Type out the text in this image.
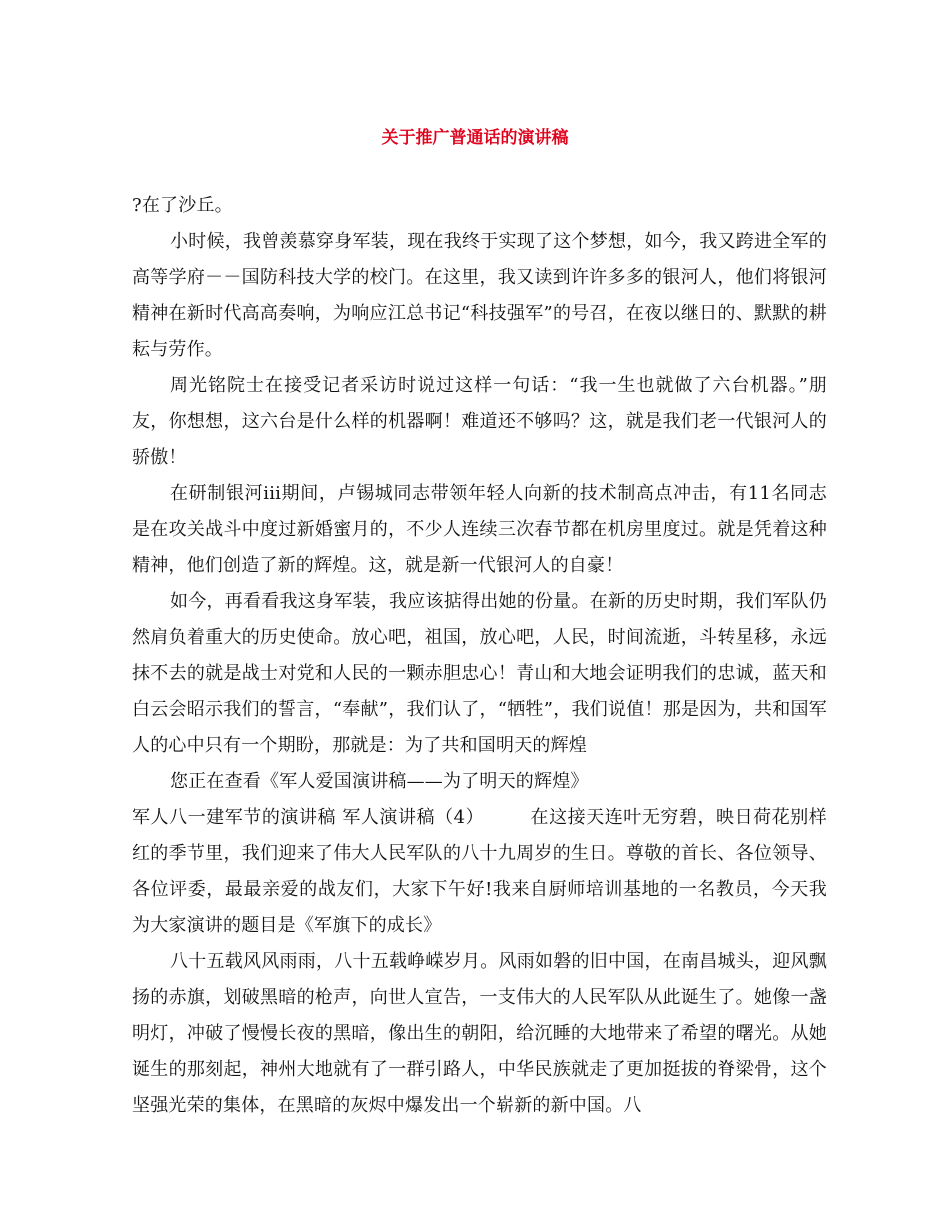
关于推广普通话的演讲稿

?在了沙丘。

小时候，我曾羡慕穿身军装，现在我终于实现了这个梦想，如今，我又跨进全军的高等学府－－国防科技大学的校门。在这里，我又读到许许多多的银河人，他们将银河精神在新时代高高奏响，为响应江总书记“科技强军”的号召，在夜以继日的、默默的耕耘与劳作。

周光铭院士在接受记者采访时说过这样一句话：“我一生也就做了六台机器。”朋友，你想想，这六台是什么样的机器啊！难道还不够吗？这，就是我们老一代银河人的骄傲！

在研制银河iii期间，卢锡城同志带领年轻人向新的技术制高点冲击，有11名同志是在攻关战斗中度过新婚蜜月的，不少人连续三次春节都在机房里度过。就是凭着这种精神，他们创造了新的辉煌。这，就是新一代银河人的自豪！

如今，再看看我这身军装，我应该掂得出她的份量。在新的历史时期，我们军队仍然肩负着重大的历史使命。放心吧，祖国，放心吧，人民，时间流逝，斗转星移，永远抹不去的就是战士对党和人民的一颗赤胆忠心！青山和大地会证明我们的忠诚，蓝天和白云会昭示我们的誓言，“奉献”，我们认了，“牺牲”，我们说值！那是因为，共和国军人的心中只有一个期盼，那就是：为了共和国明天的辉煌

您正在查看《军人爱国演讲稿——为了明天的辉煌》

军人八一建军节的演讲稿 军人演讲稿（4）	在这接天连叶无穷碧，映日荷花别样红的季节里，我们迎来了伟大人民军队的八十九周岁的生日。尊敬的首长、各位领导、各位评委，最最亲爱的战友们，大家下午好!我来自厨师培训基地的一名教员，今天我为大家演讲的题目是《军旗下的成长》

八十五载风风雨雨，八十五载峥嵘岁月。风雨如磐的旧中国，在南昌城头，迎风飘扬的赤旗，划破黑暗的枪声，向世人宣告，一支伟大的人民军队从此诞生了。她像一盏明灯，冲破了慢慢长夜的黑暗，像出生的朝阳，给沉睡的大地带来了希望的曙光。从她诞生的那刻起，神州大地就有了一群引路人，中华民族就走了更加挺拔的脊梁骨，这个坚强光荣的集体，在黑暗的灰烬中爆发出一个崭新的新中国。八
